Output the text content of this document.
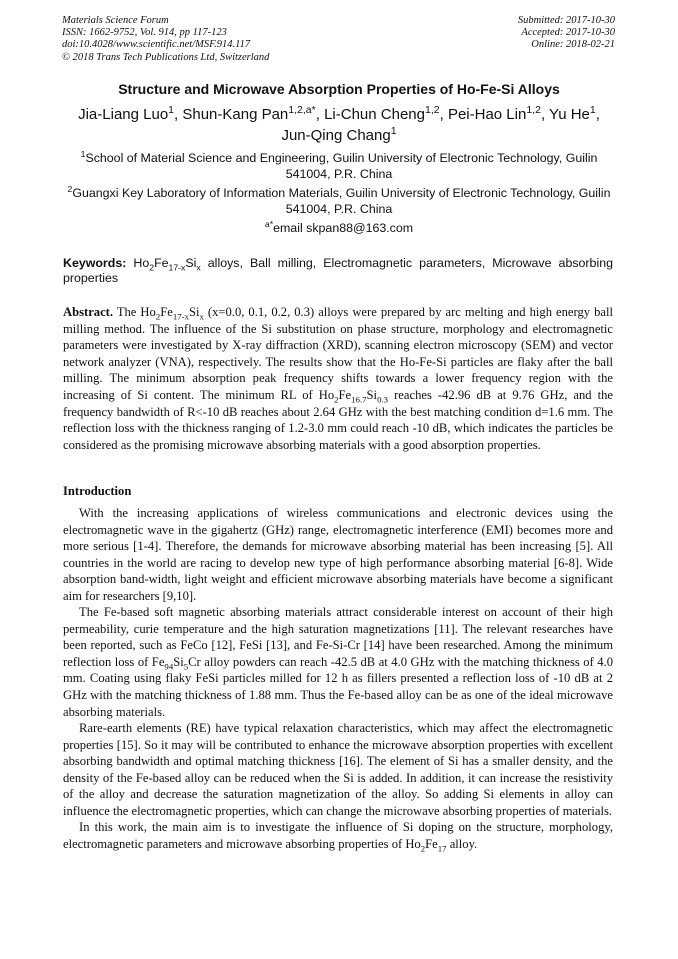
Materials Science Forum
ISSN: 1662-9752, Vol. 914, pp 117-123
doi:10.4028/www.scientific.net/MSF.914.117
© 2018 Trans Tech Publications Ltd, Switzerland
Submitted: 2017-10-30
Accepted: 2017-10-30
Online: 2018-02-21
Structure and Microwave Absorption Properties of Ho-Fe-Si Alloys
Jia-Liang Luo$^1$, Shun-Kang Pan$^{1,2,a*}$, Li-Chun Cheng$^{1,2}$, Pei-Hao Lin$^{1,2}$, Yu He$^1$,
Jun-Qing Chang$^1$
$^1$School of Material Science and Engineering, Guilin University of Electronic Technology, Guilin 541004, P.R. China
$^2$Guangxi Key Laboratory of Information Materials, Guilin University of Electronic Technology, Guilin 541004, P.R. China
$^{a*}$email skpan88@163.com
Keywords: $Ho_2Fe_{17-x}Si_x$ alloys, Ball milling, Electromagnetic parameters, Microwave absorbing properties
Abstract. The $Ho_2Fe_{17-x}Si_x$ (x=0.0, 0.1, 0.2, 0.3) alloys were prepared by arc melting and high energy ball milling method. The influence of the Si substitution on phase structure, morphology and electromagnetic parameters were investigated by X-ray diffraction (XRD), scanning electron microscopy (SEM) and vector network analyzer (VNA), respectively. The results show that the Ho-Fe-Si particles are flaky after the ball milling. The minimum absorption peak frequency shifts towards a lower frequency region with the increasing of Si content. The minimum RL of $Ho_2Fe_{16.7}Si_{0.3}$ reaches -42.96 dB at 9.76 GHz, and the frequency bandwidth of R<-10 dB reaches about 2.64 GHz with the best matching condition d=1.6 mm. The reflection loss with the thickness ranging of 1.2-3.0 mm could reach -10 dB, which indicates the particles be considered as the promising microwave absorbing materials with a good absorption properties.
Introduction

With the increasing applications of wireless communications and electronic devices using the electromagnetic wave in the gigahertz (GHz) range, electromagnetic interference (EMI) becomes more and more serious [1-4]. Therefore, the demands for microwave absorbing material has been increasing [5]. All countries in the world are racing to develop new type of high performance absorbing material [6-8]. Wide absorption band-width, light weight and efficient microwave absorbing materials have become a significant aim for researchers [9,10].

The Fe-based soft magnetic absorbing materials attract considerable interest on account of their high permeability, curie temperature and the high saturation magnetizations [11]. The relevant researches have been reported, such as FeCo [12], FeSi [13], and Fe-Si-Cr [14] have been researched. Among the minimum reflection loss of $Fe_{94}Si_5Cr$ alloy powders can reach -42.5 dB at 4.0 GHz with the matching thickness of 4.0 mm. Coating using flaky FeSi particles milled for 12 h as fillers presented a reflection loss of -10 dB at 2 GHz with the matching thickness of 1.88 mm. Thus the Fe-based alloy can be as one of the ideal microwave absorbing materials.

Rare-earth elements (RE) have typical relaxation characteristics, which may affect the electromagnetic properties [15]. So it may will be contributed to enhance the microwave absorption properties with excellent absorbing bandwidth and optimal matching thickness [16]. The element of Si has a smaller density, and the density of the Fe-based alloy can be reduced when the Si is added. In addition, it can increase the resistivity of the alloy and decrease the saturation magnetization of the alloy. So adding Si elements in alloy can influence the electromagnetic properties, which can change the microwave absorbing properties of materials.

In this work, the main aim is to investigate the influence of Si doping on the structure, morphology, electromagnetic parameters and microwave absorbing properties of $Ho_2Fe_{17}$ alloy.
